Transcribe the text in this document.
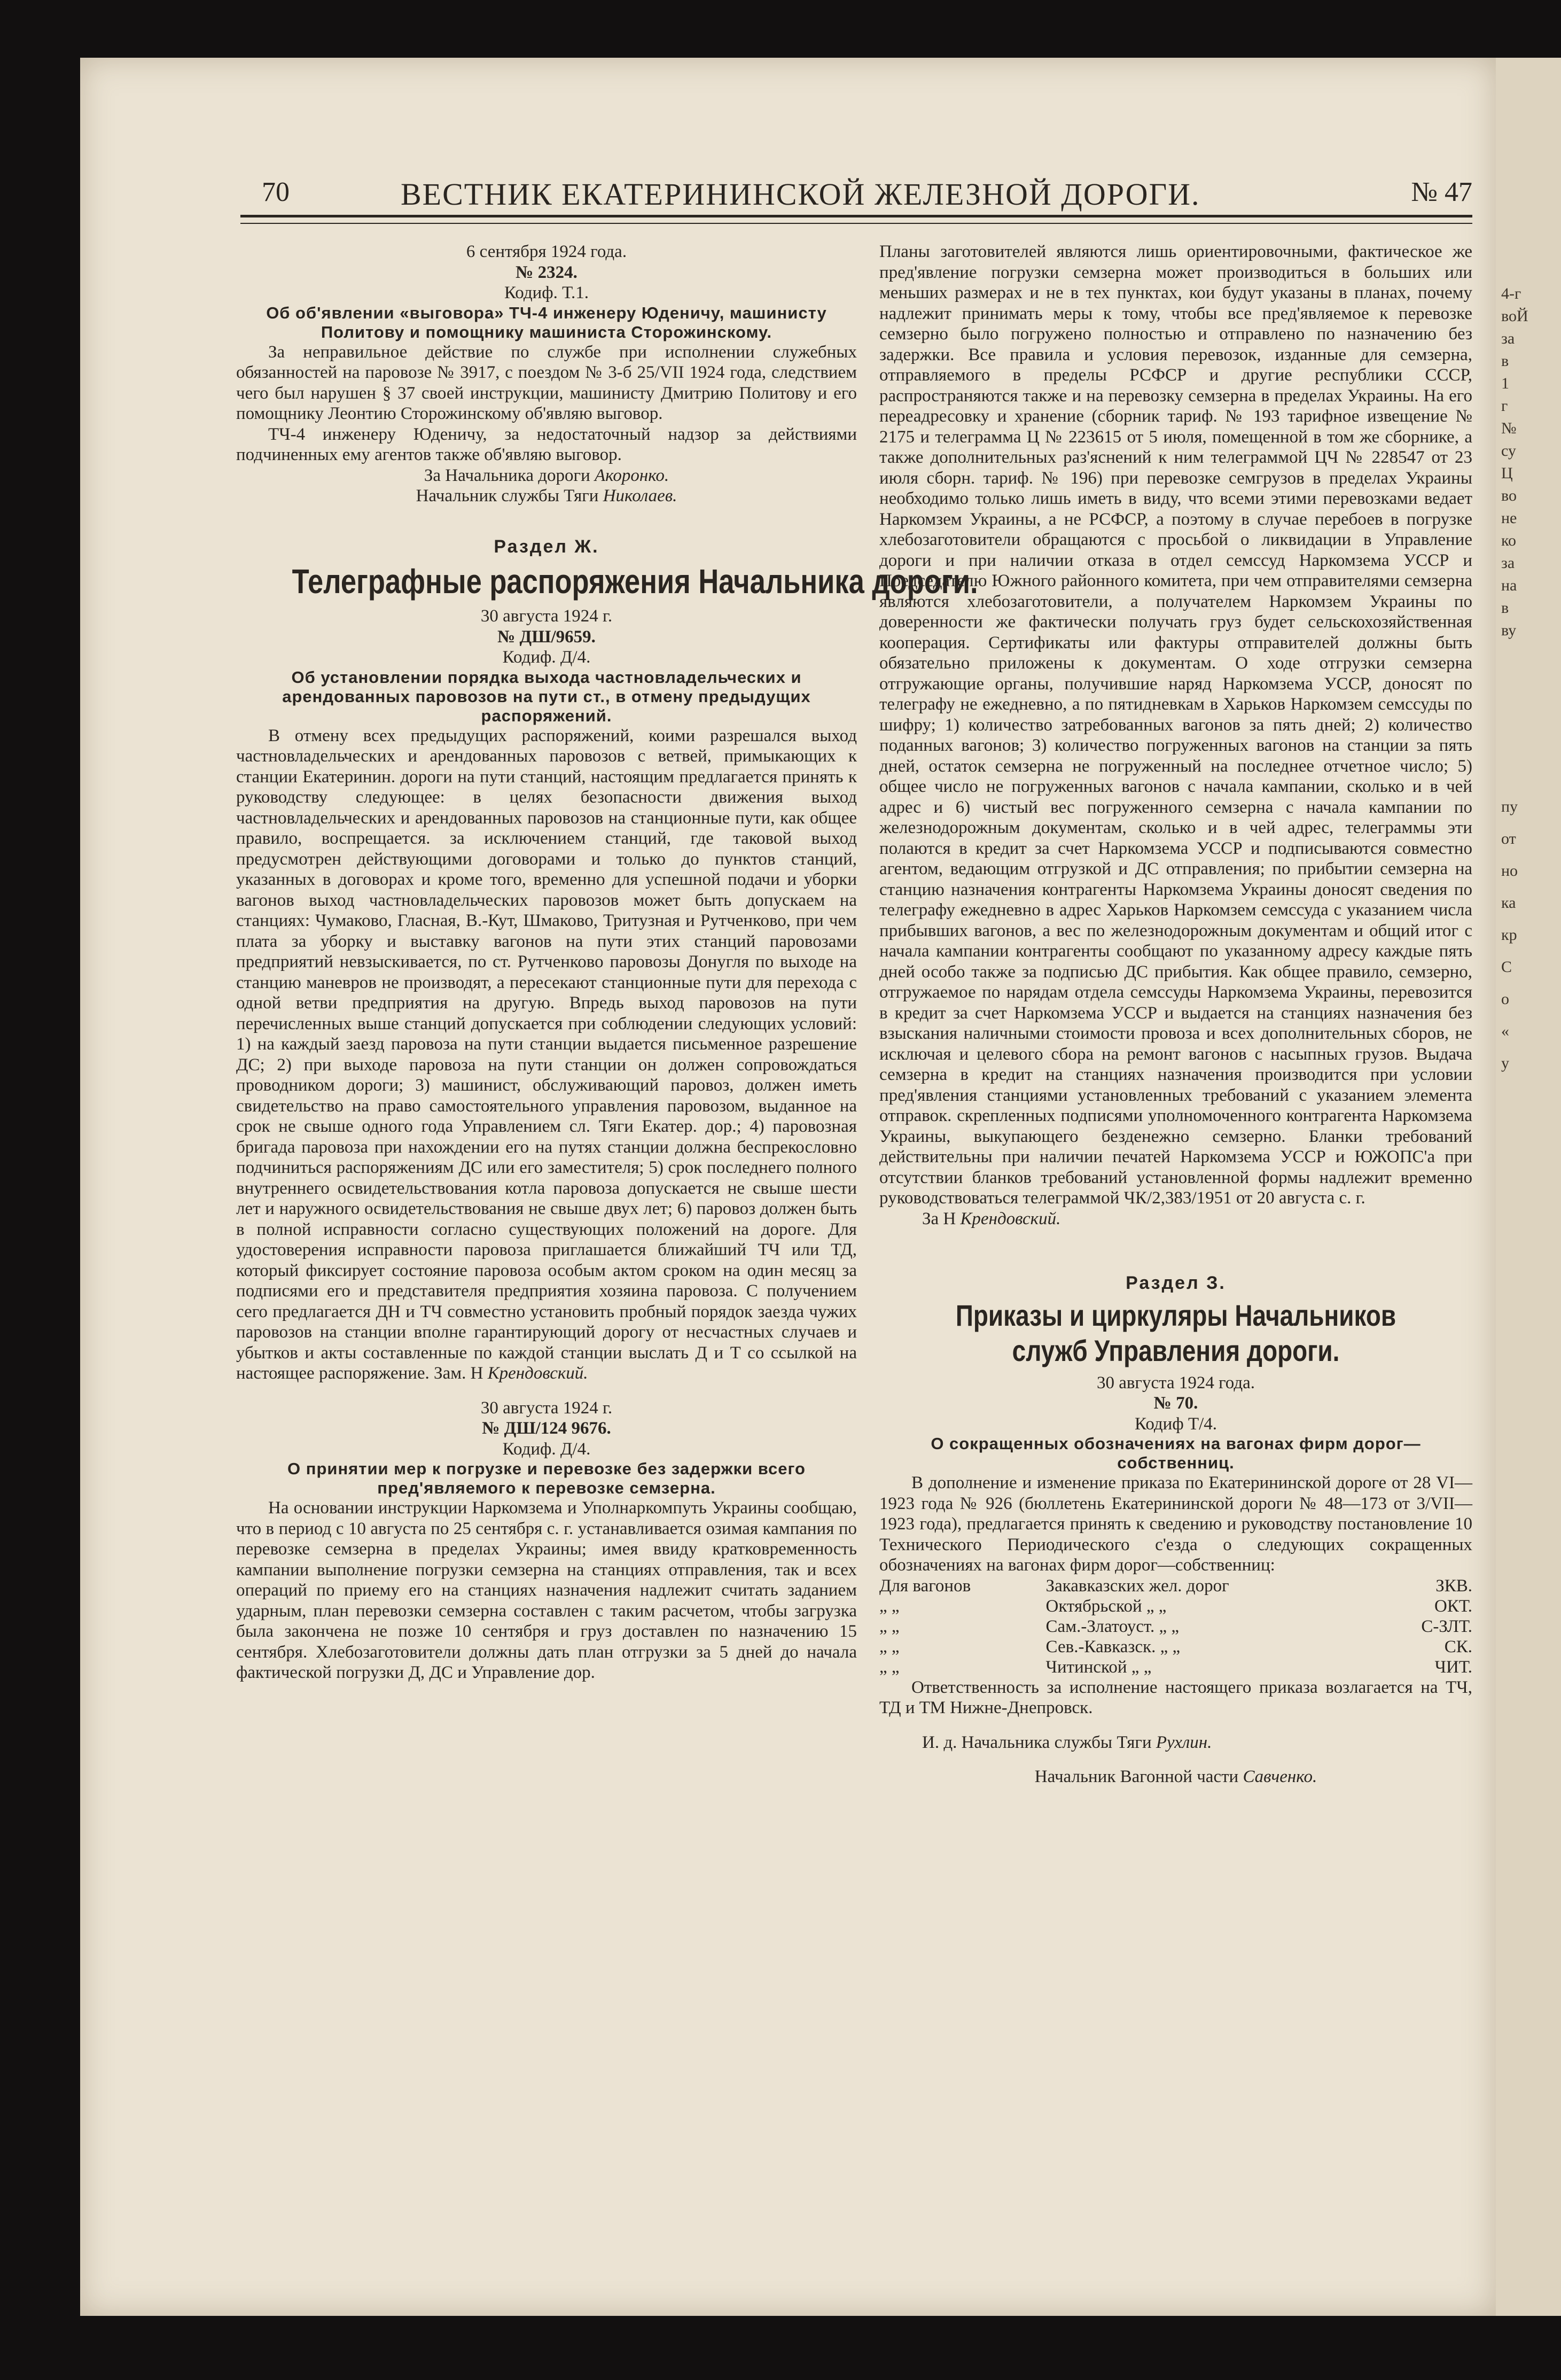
4-г
воЙ
за
в
1
г
№
су
Ц
во
не
ко
за
на
в
ву
пу
от
но
ка
кр
С
о
«
у
70	ВЕСТНИК ЕКАТЕРИНИНСКОЙ ЖЕЛЕЗНОЙ ДОРОГИ.	№ 47

6 сентября 1924 года.

№ 2324.

Кодиф. Т.1.

Об об'явлении «выговора» ТЧ-4 инженеру Юденичу, машинисту Политову и помощнику машиниста Сторожинскому.

За неправильное действие по службе при исполнении служебных обязанностей на паровозе № 3917, с поездом № 3-б 25/VII 1924 года, следствием чего был нарушен § 37 своей инструкции, машинисту Дмитрию Политову и его помощнику Леонтию Сторожинскому об'являю выговор.

ТЧ-4 инженеру Юденичу, за недостаточный надзор за действиями подчиненных ему агентов также об'являю выговор.

За Начальника дороги Акоронко.

Начальник службы Тяги Николаев.

Раздел Ж.

Телеграфные распоряжения Начальника дороги.

30 августа 1924 г.

№ ДШ/9659.

Кодиф. Д/4.

Об установлении порядка выхода частновладельческих и арендованных паровозов на пути ст., в отмену предыдущих распоряжений.

В отмену всех предыдущих распоряжений, коими разрешался выход частновладельческих и арендованных паровозов с ветвей, примыкающих к станции Екатеринин. дороги на пути станций, настоящим предлагается принять к руководству следующее: в целях безопасности движения выход частновладельческих и арендованных паровозов на станционные пути, как общее правило, воспрещается. за исключением станций, где таковой выход предусмотрен действующими договорами и только до пунктов станций, указанных в договорах и кроме того, временно для успешной подачи и уборки вагонов выход частновладельческих паровозов может быть допускаем на станциях: Чумаково, Гласная, В.-Кут, Шмаково, Тритузная и Рутченково, при чем плата за уборку и выставку вагонов на пути этих станций паровозами предприятий невзыскивается, по ст. Рутченково паровозы Донугля по выходе на станцию маневров не производят, а пересекают станционные пути для перехода с одной ветви предприятия на другую. Впредь выход паровозов на пути перечисленных выше станций допускается при соблюдении следующих условий: 1) на каждый заезд паровоза на пути станции выдается письменное разрешение ДС; 2) при выходе паровоза на пути станции он должен сопровождаться проводником дороги; 3) машинист, обслуживающий паровоз, должен иметь свидетельство на право самостоятельного управления паровозом, выданное на срок не свыше одного года Управлением сл. Тяги Екатер. дор.; 4) паровозная бригада паровоза при нахождении его на путях станции должна беспрекословно подчиниться распоряжениям ДС или его заместителя; 5) срок последнего полного внутреннего освидетельствования котла паровоза допускается не свыше шести лет и наружного освидетельствования не свыше двух лет; 6) паровоз должен быть в полной исправности согласно существующих положений на дороге. Для удостоверения исправности паровоза приглашается ближайший ТЧ или ТД, который фиксирует состояние паровоза особым актом сроком на один месяц за подписями его и представителя предприятия хозяина паровоза. С получением сего предлагается ДН и ТЧ совместно установить пробный порядок заезда чужих паровозов на станции вполне гарантирующий дорогу от несчастных случаев и убытков и акты составленные по каждой станции выслать Д и Т со ссылкой на настоящее распоряжение. Зам. Н Крендовский.

30 августа 1924 г.

№ ДШ/124 9676.

Кодиф. Д/4.

О принятии мер к погрузке и перевозке без задержки всего пред'являемого к перевозке семзерна.

На основании инструкции Наркомзема и Уполнаркомпуть Украины сообщаю, что в период с 10 августа по 25 сентября с. г. устанавливается озимая кампания по перевозке семзерна в пределах Украины; имея ввиду кратковременность кампании выполнение погрузки семзерна на станциях отправления, так и всех операций по приему его на станциях назначения надлежит считать заданием ударным, план перевозки семзерна составлен с таким расчетом, чтобы загрузка была закончена не позже 10 сентября и груз доставлен по назначению 15 сентября. Хлебозаготовители должны дать план отгрузки за 5 дней до начала фактической погрузки Д, ДС и Управление дор.

Планы заготовителей являются лишь ориентировочными, фактическое же пред'явление погрузки семзерна может производиться в больших или меньших размерах и не в тех пунктах, кои будут указаны в планах, почему надлежит принимать меры к тому, чтобы все пред'являемое к перевозке семзерно было погружено полностью и отправлено по назначению без задержки. Все правила и условия перевозок, изданные для семзерна, отправляемого в пределы РСФСР и другие республики СССР, распространяются также и на перевозку семзерна в пределах Украины. На его переадресовку и хранение (сборник тариф. № 193 тарифное извещение № 2175 и телеграмма Ц № 223615 от 5 июля, помещенной в том же сборнике, а также дополнительных раз'яснений к ним телеграммой ЦЧ № 228547 от 23 июля сборн. тариф. № 196) при перевозке семгрузов в пределах Украины необходимо только лишь иметь в виду, что всеми этими перевозками ведает Наркомзем Украины, а не РСФСР, а поэтому в случае перебоев в погрузке хлебозаготовители обращаются с просьбой о ликвидации в Управление дороги и при наличии отказа в отдел семссуд Наркомзема УССР и Председателю Южного районного комитета, при чем отправителями семзерна являются хлебозаготовители, а получателем Наркомзем Украины по доверенности же фактически получать груз будет сельскохозяйственная кооперация. Сертификаты или фактуры отправителей должны быть обязательно приложены к документам. О ходе отгрузки семзерна отгружающие органы, получившие наряд Наркомзема УССР, доносят по телеграфу не ежедневно, а по пятидневкам в Харьков Наркомзем семссуды по шифру; 1) количество затребованных вагонов за пять дней; 2) количество поданных вагонов; 3) количество погруженных вагонов на станции за пять дней, остаток семзерна не погруженный на последнее отчетное число; 5) общее число не погруженных вагонов с начала кампании, сколько и в чей адрес и 6) чистый вес погруженного семзерна с начала кампании по железнодорожным документам, сколько и в чей адрес, телеграммы эти полаются в кредит за счет Наркомзема УССР и подписываются совместно агентом, ведающим отгрузкой и ДС отправления; по прибытии семзерна на станцию назначения контрагенты Наркомзема Украины доносят сведения по телеграфу ежедневно в адрес Харьков Наркомзем семссуда с указанием числа прибывших вагонов, а вес по железнодорожным документам и общий итог с начала кампании контрагенты сообщают по указанному адресу каждые пять дней особо также за подписью ДС прибытия. Как общее правило, семзерно, отгружаемое по нарядам отдела семссуды Наркомзема Украины, перевозится в кредит за счет Наркомзема УССР и выдается на станциях назначения без взыскания наличными стоимости провоза и всех дополнительных сборов, не исключая и целевого сбора на ремонт вагонов с насыпных грузов. Выдача семзерна в кредит на станциях назначения производится при условии пред'явления станциями установленных требований с указанием элемента отправок. скрепленных подписями уполномоченного контрагента Наркомзема Украины, выкупающего безденежно семзерно. Бланки требований действительны при наличии печатей Наркомзема УССР и ЮЖОПС'а при отсутствии бланков требований установленной формы надлежит временно руководствоваться телеграммой ЧК/2,383/1951 от 20 августа с. г.

За Н Крендовский.

Раздел З.

Приказы и циркуляры Начальников служб Управления дороги.

30 августа 1924 года.

№ 70.

Кодиф Т/4.

О сокращенных обозначениях на вагонах фирм дорог—собственниц.

В дополнение и изменение приказа по Екатерининской дороге от 28 VI—1923 года № 926 (бюллетень Екатерининской дороги № 48—173 от 3/VII—1923 года), предлагается принять к сведению и руководству постановление 10 Технического Периодического с'езда о следующих сокращенных обозначениях на вагонах фирм дорог—собственниц:

Для вагонов	Закавказских жел. дорог	ЗКВ.
„ „	Октябрьской „ „	ОКТ.
„ „	Сам.-Златоуст. „ „	С-ЗЛТ.
„ „	Сев.-Кавказск. „ „	СК.
„ „	Читинской „ „	ЧИТ.

Ответственность за исполнение настоящего приказа возлагается на ТЧ, ТД и ТМ Нижне-Днепровск.

И. д. Начальника службы Тяги Рухлин.

Начальник Вагонной части Савченко.
